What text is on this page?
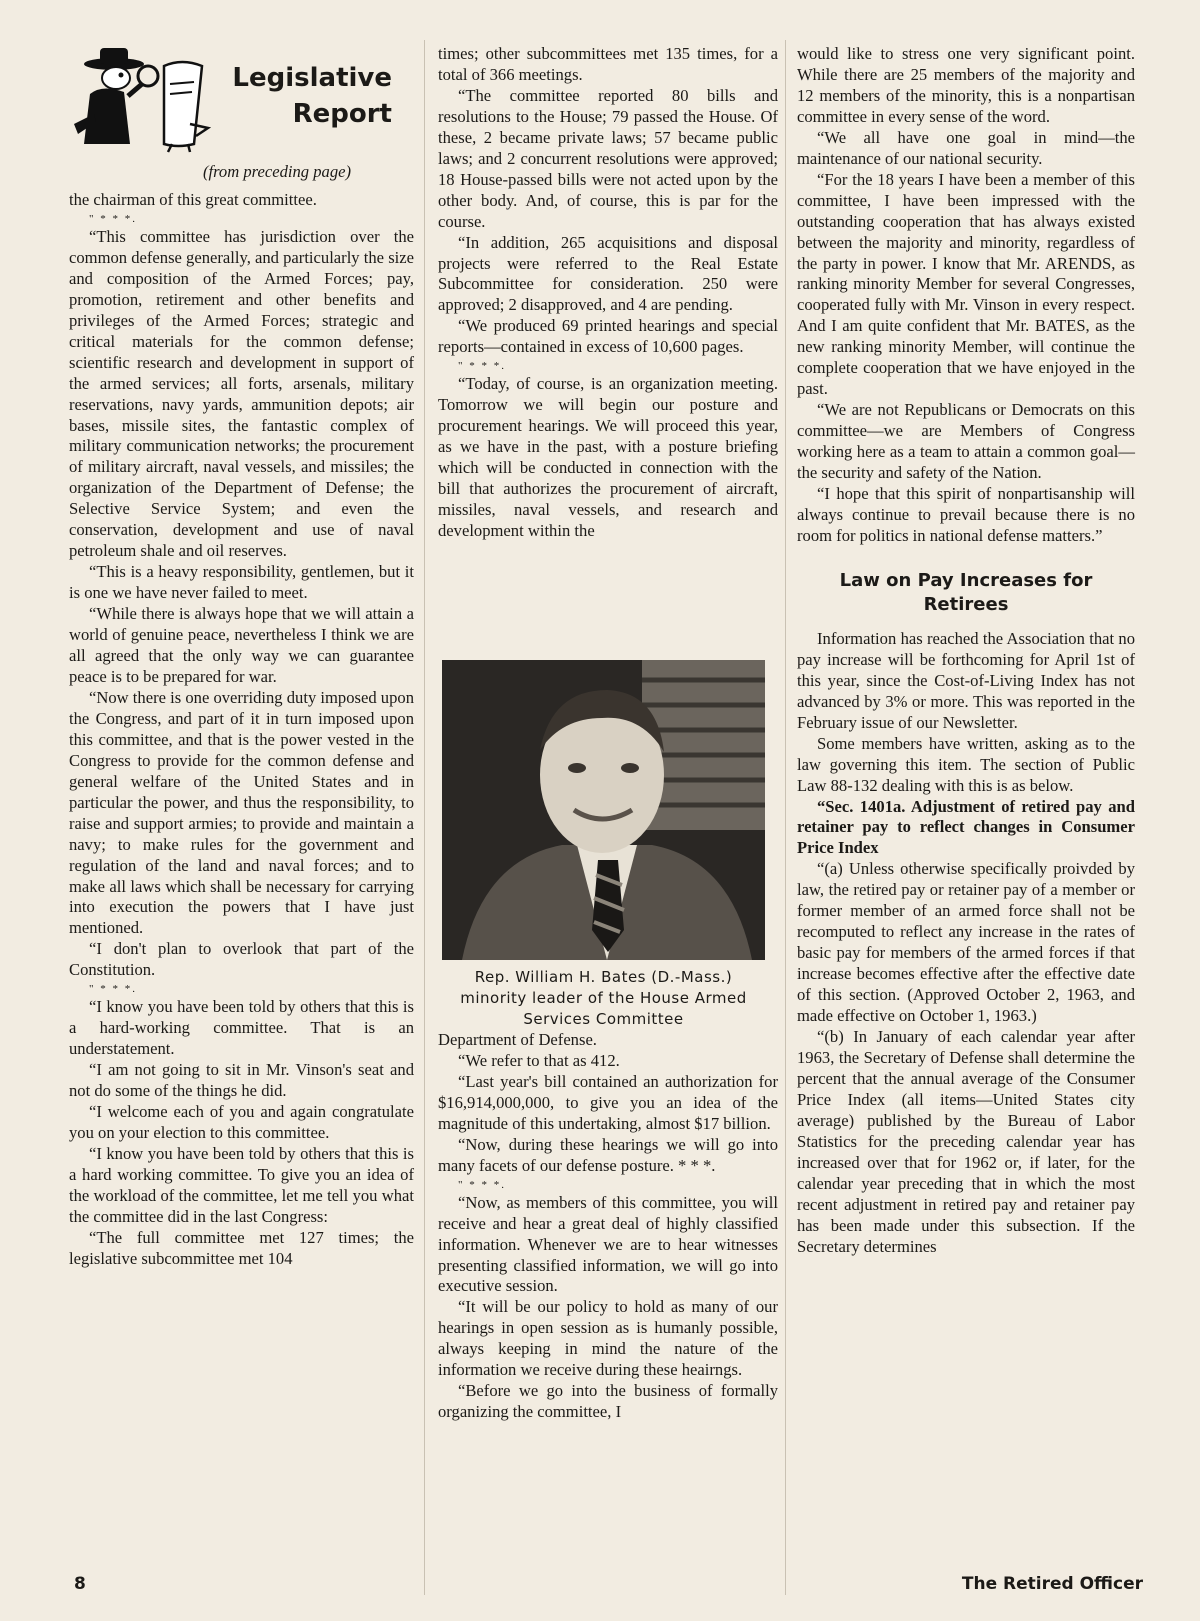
Legislative
Report
(from preceding page)

the chairman of this great committee.

" * * *.

“This committee has jurisdiction over the common defense generally, and particularly the size and composition of the Armed Forces; pay, promotion, retirement and other benefits and privileges of the Armed Forces; strategic and critical materials for the common defense; scientific research and development in support of the armed services; all forts, arsenals, military reservations, navy yards, ammunition depots; air bases, missile sites, the fantastic complex of military communication networks; the procurement of military aircraft, naval vessels, and missiles; the organization of the Department of Defense; the Selective Service System; and even the conservation, development and use of naval petroleum shale and oil reserves.

“This is a heavy responsibility, gentlemen, but it is one we have never failed to meet.

“While there is always hope that we will attain a world of genuine peace, nevertheless I think we are all agreed that the only way we can guarantee peace is to be prepared for war.

“Now there is one overriding duty imposed upon the Congress, and part of it in turn imposed upon this committee, and that is the power vested in the Congress to provide for the common defense and general welfare of the United States and in particular the power, and thus the responsibility, to raise and support armies; to provide and maintain a navy; to make rules for the government and regulation of the land and naval forces; and to make all laws which shall be necessary for carrying into execution the powers that I have just mentioned.

“I don't plan to overlook that part of the Constitution.

" * * *.

“I know you have been told by others that this is a hard-working committee. That is an understatement.

“I am not going to sit in Mr. Vinson's seat and not do some of the things he did.

“I welcome each of you and again congratulate you on your election to this committee.

“I know you have been told by others that this is a hard working committee. To give you an idea of the workload of the committee, let me tell you what the committee did in the last Congress:

“The full committee met 127 times; the legislative subcommittee met 104

times; other subcommittees met 135 times, for a total of 366 meetings.

“The committee reported 80 bills and resolutions to the House; 79 passed the House. Of these, 2 became private laws; 57 became public laws; and 2 concurrent resolutions were approved; 18 House-passed bills were not acted upon by the other body. And, of course, this is par for the course.

“In addition, 265 acquisitions and disposal projects were referred to the Real Estate Subcommittee for consideration. 250 were approved; 2 disapproved, and 4 are pending.

“We produced 69 printed hearings and special reports—contained in excess of 10,600 pages.

" * * *.

“Today, of course, is an organization meeting. Tomorrow we will begin our posture and procurement hearings. We will proceed this year, as we have in the past, with a posture briefing which will be conducted in connection with the bill that authorizes the procurement of aircraft, missiles, naval vessels, and research and development within the

Rep. William H. Bates (D.-Mass.) minority leader of the House Armed Services Committee

Department of Defense.

“We refer to that as 412.

“Last year's bill contained an authorization for $16,914,000,000, to give you an idea of the magnitude of this undertaking, almost $17 billion.

“Now, during these hearings we will go into many facets of our defense posture. * * *.

" * * *.

“Now, as members of this committee, you will receive and hear a great deal of highly classified information. Whenever we are to hear witnesses presenting classified information, we will go into executive session.

“It will be our policy to hold as many of our hearings in open session as is humanly possible, always keeping in mind the nature of the information we receive during these heairngs.

“Before we go into the business of formally organizing the committee, I

would like to stress one very significant point. While there are 25 members of the majority and 12 members of the minority, this is a nonpartisan committee in every sense of the word.

“We all have one goal in mind—the maintenance of our national security.

“For the 18 years I have been a member of this committee, I have been impressed with the outstanding cooperation that has always existed between the majority and minority, regardless of the party in power. I know that Mr. ARENDS, as ranking minority Member for several Congresses, cooperated fully with Mr. Vinson in every respect. And I am quite confident that Mr. BATES, as the new ranking minority Member, will continue the complete cooperation that we have enjoyed in the past.

“We are not Republicans or Democrats on this committee—we are Members of Congress working here as a team to attain a common goal—the security and safety of the Nation.

“I hope that this spirit of nonpartisanship will always continue to prevail because there is no room for politics in national defense matters.”

Law on Pay Increases for Retirees

Information has reached the Association that no pay increase will be forthcoming for April 1st of this year, since the Cost-of-Living Index has not advanced by 3% or more. This was reported in the February issue of our Newsletter.

Some members have written, asking as to the law governing this item. The section of Public Law 88-132 dealing with this is as below.

“Sec. 1401a. Adjustment of retired pay and retainer pay to reflect changes in Consumer Price Index

“(a) Unless otherwise specifically proivded by law, the retired pay or retainer pay of a member or former member of an armed force shall not be recomputed to reflect any increase in the rates of basic pay for members of the armed forces if that increase becomes effective after the effective date of this section. (Approved October 2, 1963, and made effective on October 1, 1963.)

“(b) In January of each calendar year after 1963, the Secretary of Defense shall determine the percent that the annual average of the Consumer Price Index (all items—United States city average) published by the Bureau of Labor Statistics for the preceding calendar year has increased over that for 1962 or, if later, for the calendar year preceding that in which the most recent adjustment in retired pay and retainer pay has been made under this subsection. If the Secretary determines

8	The Retired Officer
